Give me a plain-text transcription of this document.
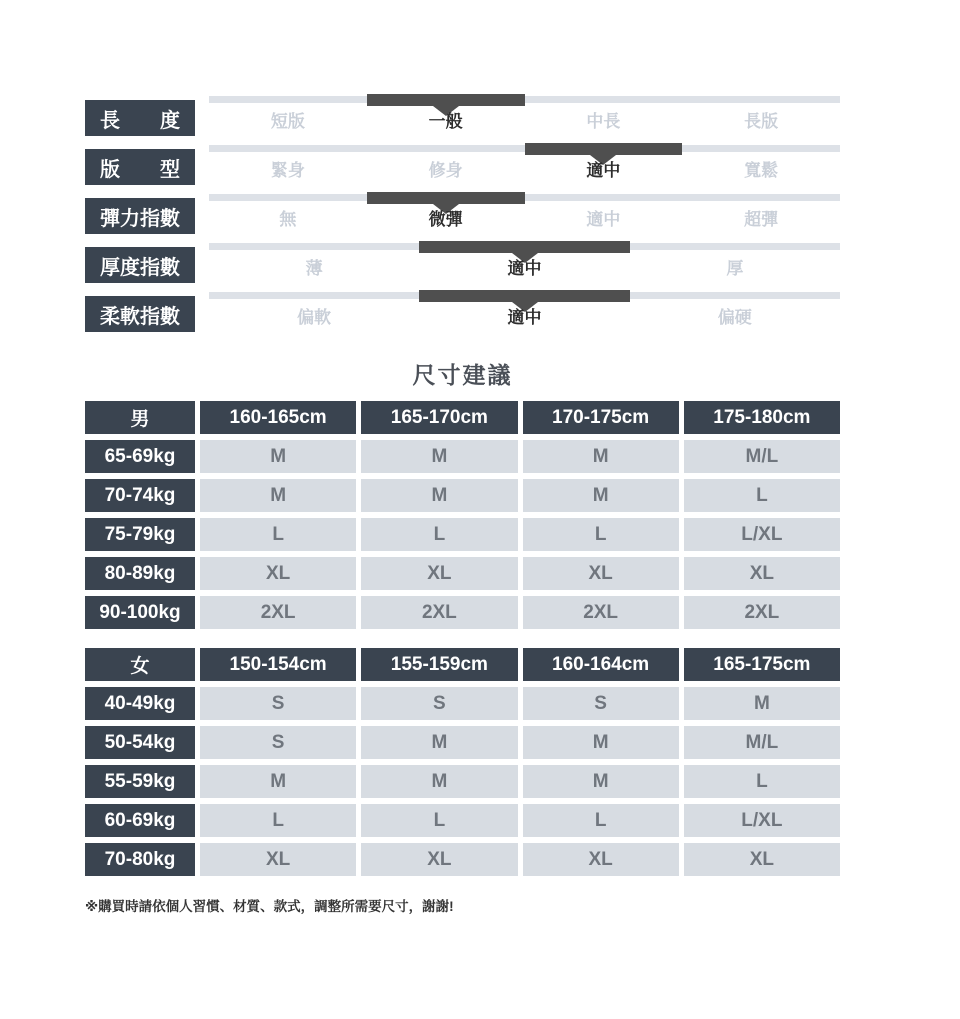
長　　度	短版	一般	中長	長版
版　　型	緊身	修身	適中	寬鬆
彈力指數	無	微彈	適中	超彈
厚度指數	薄	適中	厚
柔軟指數	偏軟	適中	偏硬
尺寸建議
男	160-165cm	165-170cm	170-175cm	175-180cm
65-69kg	M	M	M	M/L
70-74kg	M	M	M	L
75-79kg	L	L	L	L/XL
80-89kg	XL	XL	XL	XL
90-100kg	2XL	2XL	2XL	2XL
女	150-154cm	155-159cm	160-164cm	165-175cm
40-49kg	S	S	S	M
50-54kg	S	M	M	M/L
55-59kg	M	M	M	L
60-69kg	L	L	L	L/XL
70-80kg	XL	XL	XL	XL
※購買時請依個人習慣、材質、款式，調整所需要尺寸，謝謝!
